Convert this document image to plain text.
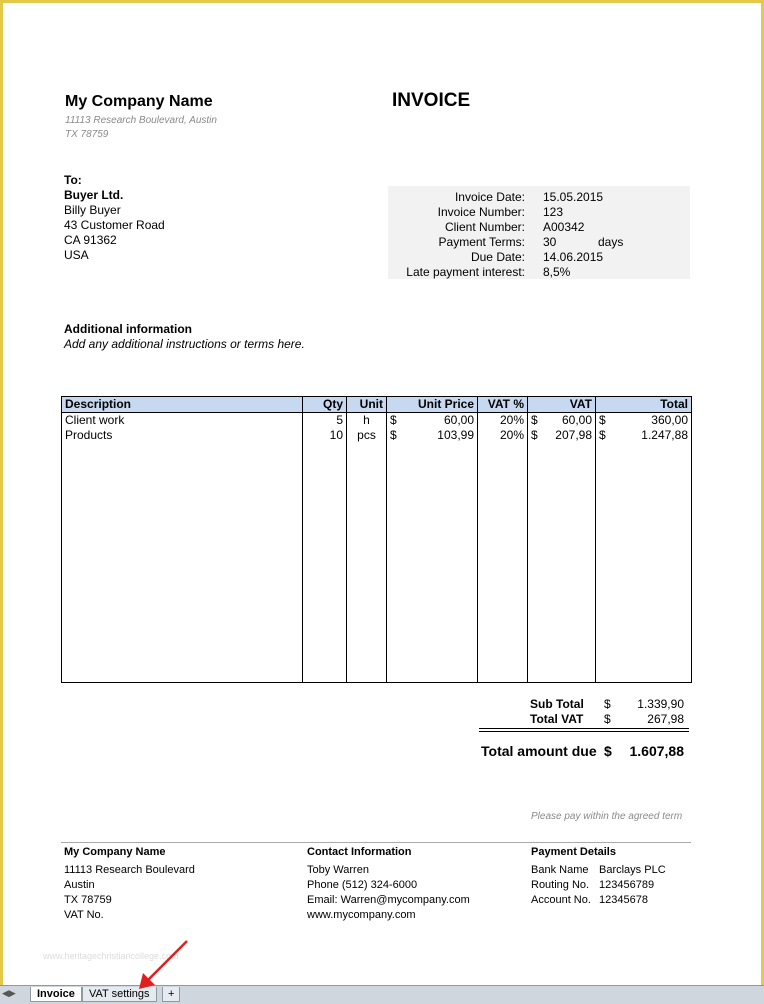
My Company Name
11113 Research Boulevard, Austin
TX 78759
INVOICE
To:
Buyer Ltd.
Billy Buyer
43 Customer Road
CA 91362
USA
Invoice Date: 15.05.2015
Invoice Number: 123
Client Number: A00342
Payment Terms: 30	days
Due Date: 14.06.2015
Late payment interest: 8,5%
Additional information
Add any additional instructions or terms here.
Description	Qty	Unit	Unit Price	VAT %	VAT	Total
Client work	5	h	$ 60,00	20%	$ 60,00	$ 360,00
Products	10	pcs	$ 103,99	20%	$ 207,98	$ 1.247,88

Sub Total $ 1.339,90
Total VAT $	267,98
Total amount due $ 1.607,88
Please pay within the agreed term
My Company Name
11113 Research Boulevard
Austin
TX 78759
VAT No.
Contact Information
Toby Warren
Phone (512) 324-6000
Email: Warren@mycompany.com
www.mycompany.com
Payment Details
Bank Name Barclays PLC
Routing No. 123456789
Account No. 12345678
www.heritagechristiancollege.com
◀▶	Invoice	VAT settings	+
